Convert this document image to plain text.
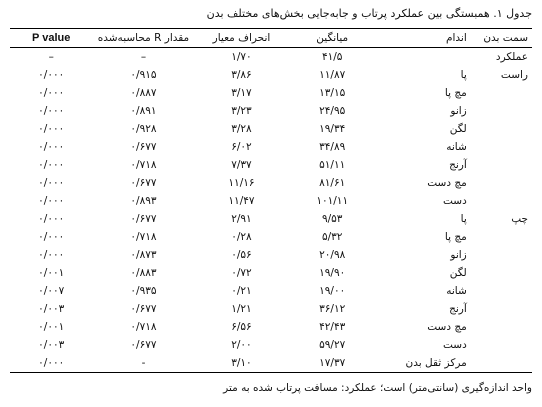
جدول ۱. همبستگی بین عملکرد پرتاب و جابه‌جایی بخش‌های مختلف بدن
سمت بدن	اندام	میانگین	انحراف معیار	مقدار R محاسبه‌شده	P value
عملکرد		۴۱/۵	۱/۷۰	–	–
راست	پا	۱۱/۸۷	۳/۸۶	۰/۹۱۵	۰/۰۰۰
	مچ پا	۱۳/۱۵	۳/۱۷	۰/۸۸۷	۰/۰۰۰
	زانو	۲۴/۹۵	۳/۲۳	۰/۸۹۱	۰/۰۰۰
	لگن	۱۹/۳۴	۳/۲۸	۰/۹۲۸	۰/۰۰۰
	شانه	۳۴/۸۹	۶/۰۲	۰/۶۷۷	۰/۰۰۰
	آرنج	۵۱/۱۱	۷/۳۷	۰/۷۱۸	۰/۰۰۰
	مچ دست	۸۱/۶۱	۱۱/۱۶	۰/۶۷۷	۰/۰۰۰
	دست	۱۰۱/۱۱	۱۱/۴۷	۰/۸۹۳	۰/۰۰۰
چپ	پا	۹/۵۳	۲/۹۱	۰/۶۷۷	۰/۰۰۰
	مچ پا	۵/۳۲	۰/۲۸	۰/۷۱۸	۰/۰۰۰
	زانو	۲۰/۹۸	۰/۵۶	۰/۸۷۳	۰/۰۰۰
	لگن	۱۹/۹۰	۰/۷۲	۰/۸۸۳	۰/۰۰۱
	شانه	۱۹/۰۰	۰/۲۱	۰/۹۳۵	۰/۰۰۷
	آرنج	۳۶/۱۲	۱/۲۱	۰/۶۷۷	۰/۰۰۳
	مچ دست	۴۲/۴۳	۶/۵۶	۰/۷۱۸	۰/۰۰۱
	دست	۵۹/۲۷	۲/۰۰	۰/۶۷۷	۰/۰۰۳
	مرکز ثقل بدن	۱۷/۳۷	۳/۱۰	-	۰/۰۰۰
واحد اندازه‌گیری (سانتی‌متر) است؛ عملکرد: مسافت پرتاب شده به متر
